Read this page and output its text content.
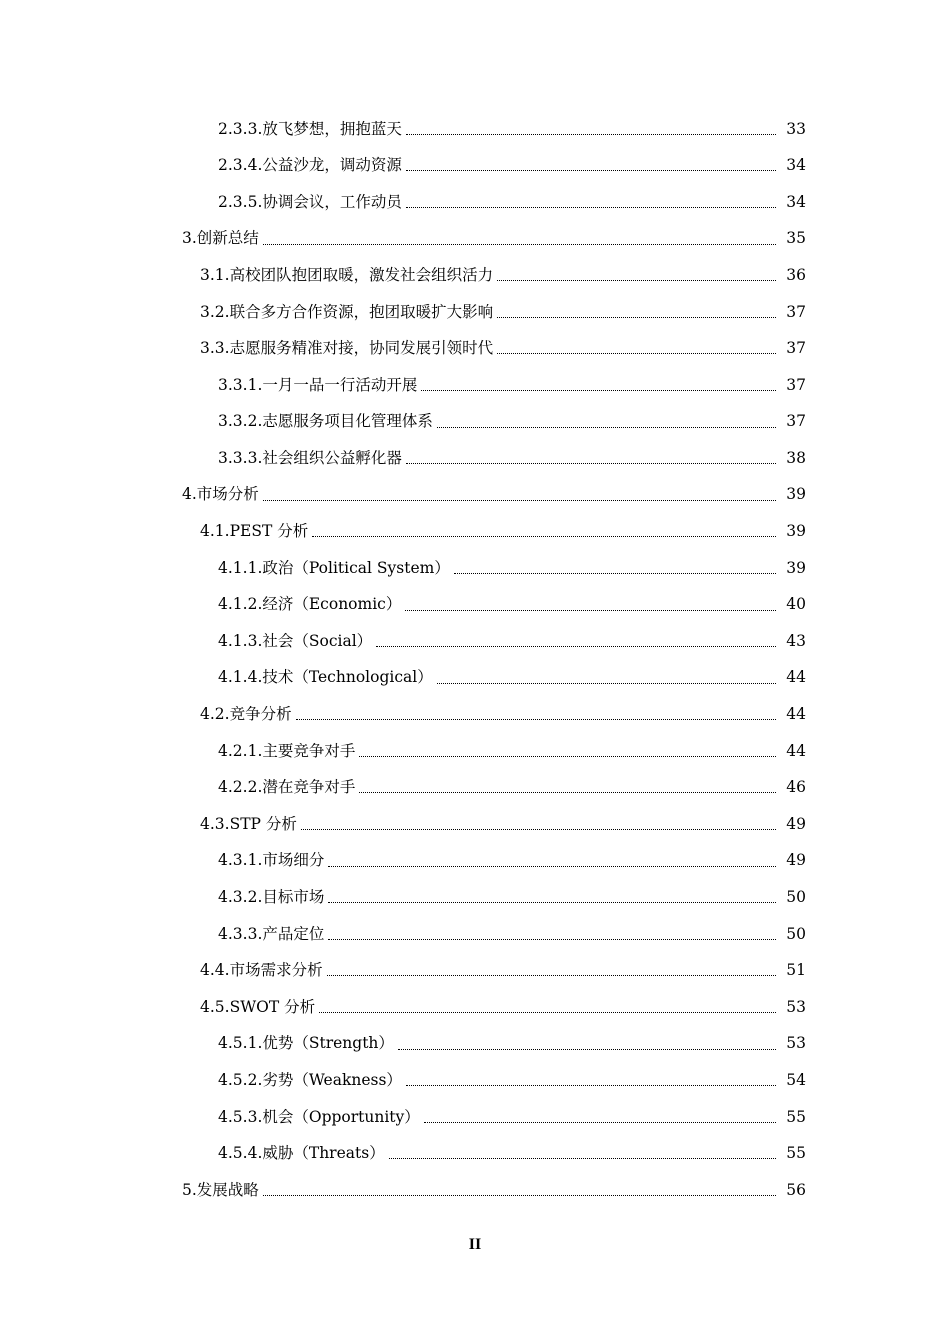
2.3.3.放飞梦想，拥抱蓝天	33
2.3.4.公益沙龙，调动资源	34
2.3.5.协调会议，工作动员	34
3.创新总结	35
3.1.高校团队抱团取暖，激发社会组织活力	36
3.2.联合多方合作资源，抱团取暖扩大影响	37
3.3.志愿服务精准对接，协同发展引领时代	37
3.3.1.一月一品一行活动开展	37
3.3.2.志愿服务项目化管理体系	37
3.3.3.社会组织公益孵化器	38
4.市场分析	39
4.1.PEST 分析	39
4.1.1.政治（Political System）	39
4.1.2.经济（Economic）	40
4.1.3.社会（Social）	43
4.1.4.技术（Technological）	44
4.2.竞争分析	44
4.2.1.主要竞争对手	44
4.2.2.潜在竞争对手	46
4.3.STP 分析	49
4.3.1.市场细分	49
4.3.2.目标市场	50
4.3.3.产品定位	50
4.4.市场需求分析	51
4.5.SWOT 分析	53
4.5.1.优势（Strength）	53
4.5.2.劣势（Weakness）	54
4.5.3.机会（Opportunity）	55
4.5.4.威胁（Threats）	55
5.发展战略	56
II
